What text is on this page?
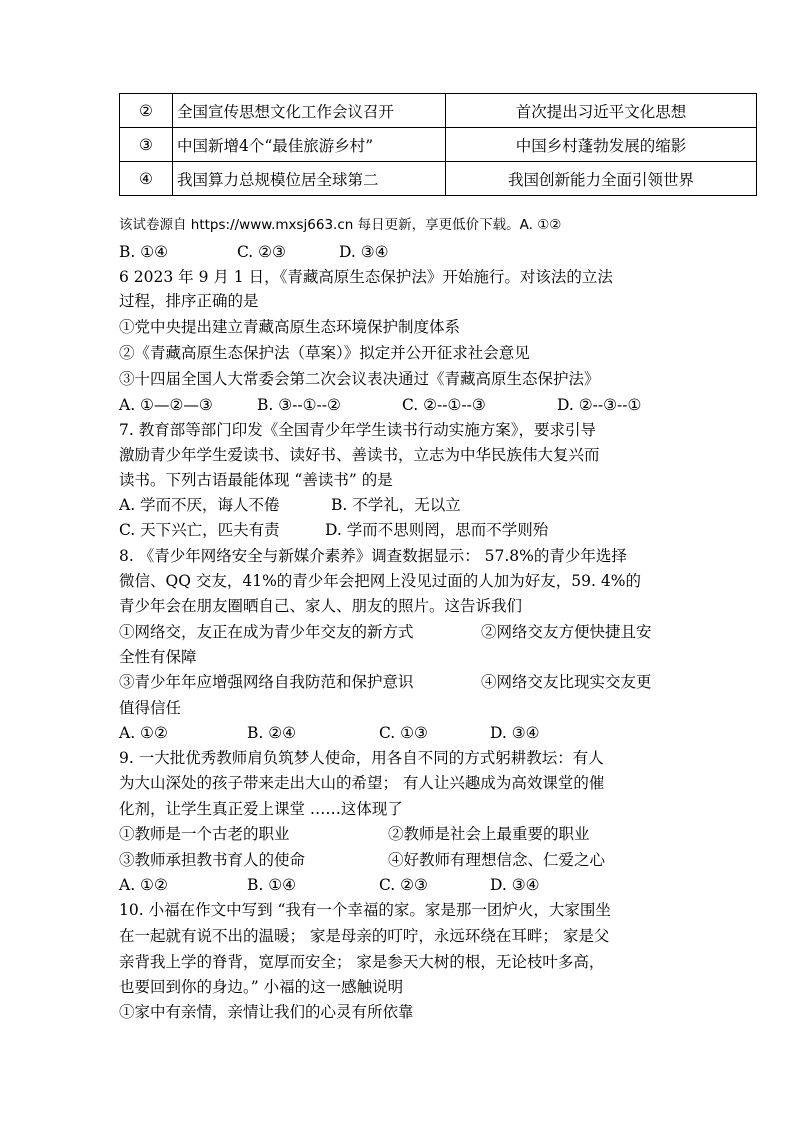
②	全国宣传思想文化工作会议召开	首次提出习近平文化思想
③	中国新增4个“最佳旅游乡村”	中国乡村蓬勃发展的缩影
④	我国算力总规模位居全球第二	我国创新能力全面引领世界
该试卷源自 https://www.mxsj663.cn 每日更新，享更低价下载。A. ①②
B. ①④	C. ②③	D. ③④
6 2023 年 9 月 1 日，《青藏高原生态保护法》开始施行。对该法的立法
过程，排序正确的是
①党中央提出建立青藏高原生态环境保护制度体系
②《青藏高原生态保护法（草案）》拟定并公开征求社会意见
③十四届全国人大常委会第二次会议表决通过《青藏高原生态保护法》
A. ①—②—③	B. ③--①--②	C. ②--①--③	D. ②--③--①
7. 教育部等部门印发《全国青少年学生读书行动实施方案》，要求引导
激励青少年学生爱读书、读好书、善读书，立志为中华民族伟大复兴而
读书。下列古语最能体现 “善读书” 的是
A. 学而不厌，诲人不倦	B. 不学礼，无以立
C. 天下兴亡，匹夫有责	D. 学而不思则罔，思而不学则殆
8. 《青少年网络安全与新媒介素养》调查数据显示： 57.8%的青少年选择
微信、QQ 交友，41%的青少年会把网上没见过面的人加为好友，59. 4%的
青少年会在朋友圈晒自己、家人、朋友的照片。这告诉我们
①网络交，友正在成为青少年交友的新方式	②网络交友方便快捷且安
全性有保障
③青少年年应增强网络自我防范和保护意识	④网络交友比现实交友更
值得信任
A. ①②	B. ②④	C. ①③	D. ③④
9. 一大批优秀教师肩负筑梦人使命，用各自不同的方式躬耕教坛：有人
为大山深处的孩子带来走出大山的希望； 有人让兴趣成为高效课堂的催
化剂，让学生真正爱上课堂 ……这体现了
①教师是一个古老的职业	②教师是社会上最重要的职业
③教师承担教书育人的使命	④好教师有理想信念、仁爱之心
A. ①②	B. ①④	C. ②③	D. ③④
10. 小福在作文中写到 “我有一个幸福的家。家是那一团炉火，大家围坐
在一起就有说不出的温暖； 家是母亲的叮咛，永远环绕在耳畔； 家是父
亲背我上学的脊背，宽厚而安全； 家是参天大树的根，无论枝叶多高，
也要回到你的身边。” 小福的这一感触说明
①家中有亲情，亲情让我们的心灵有所依靠
